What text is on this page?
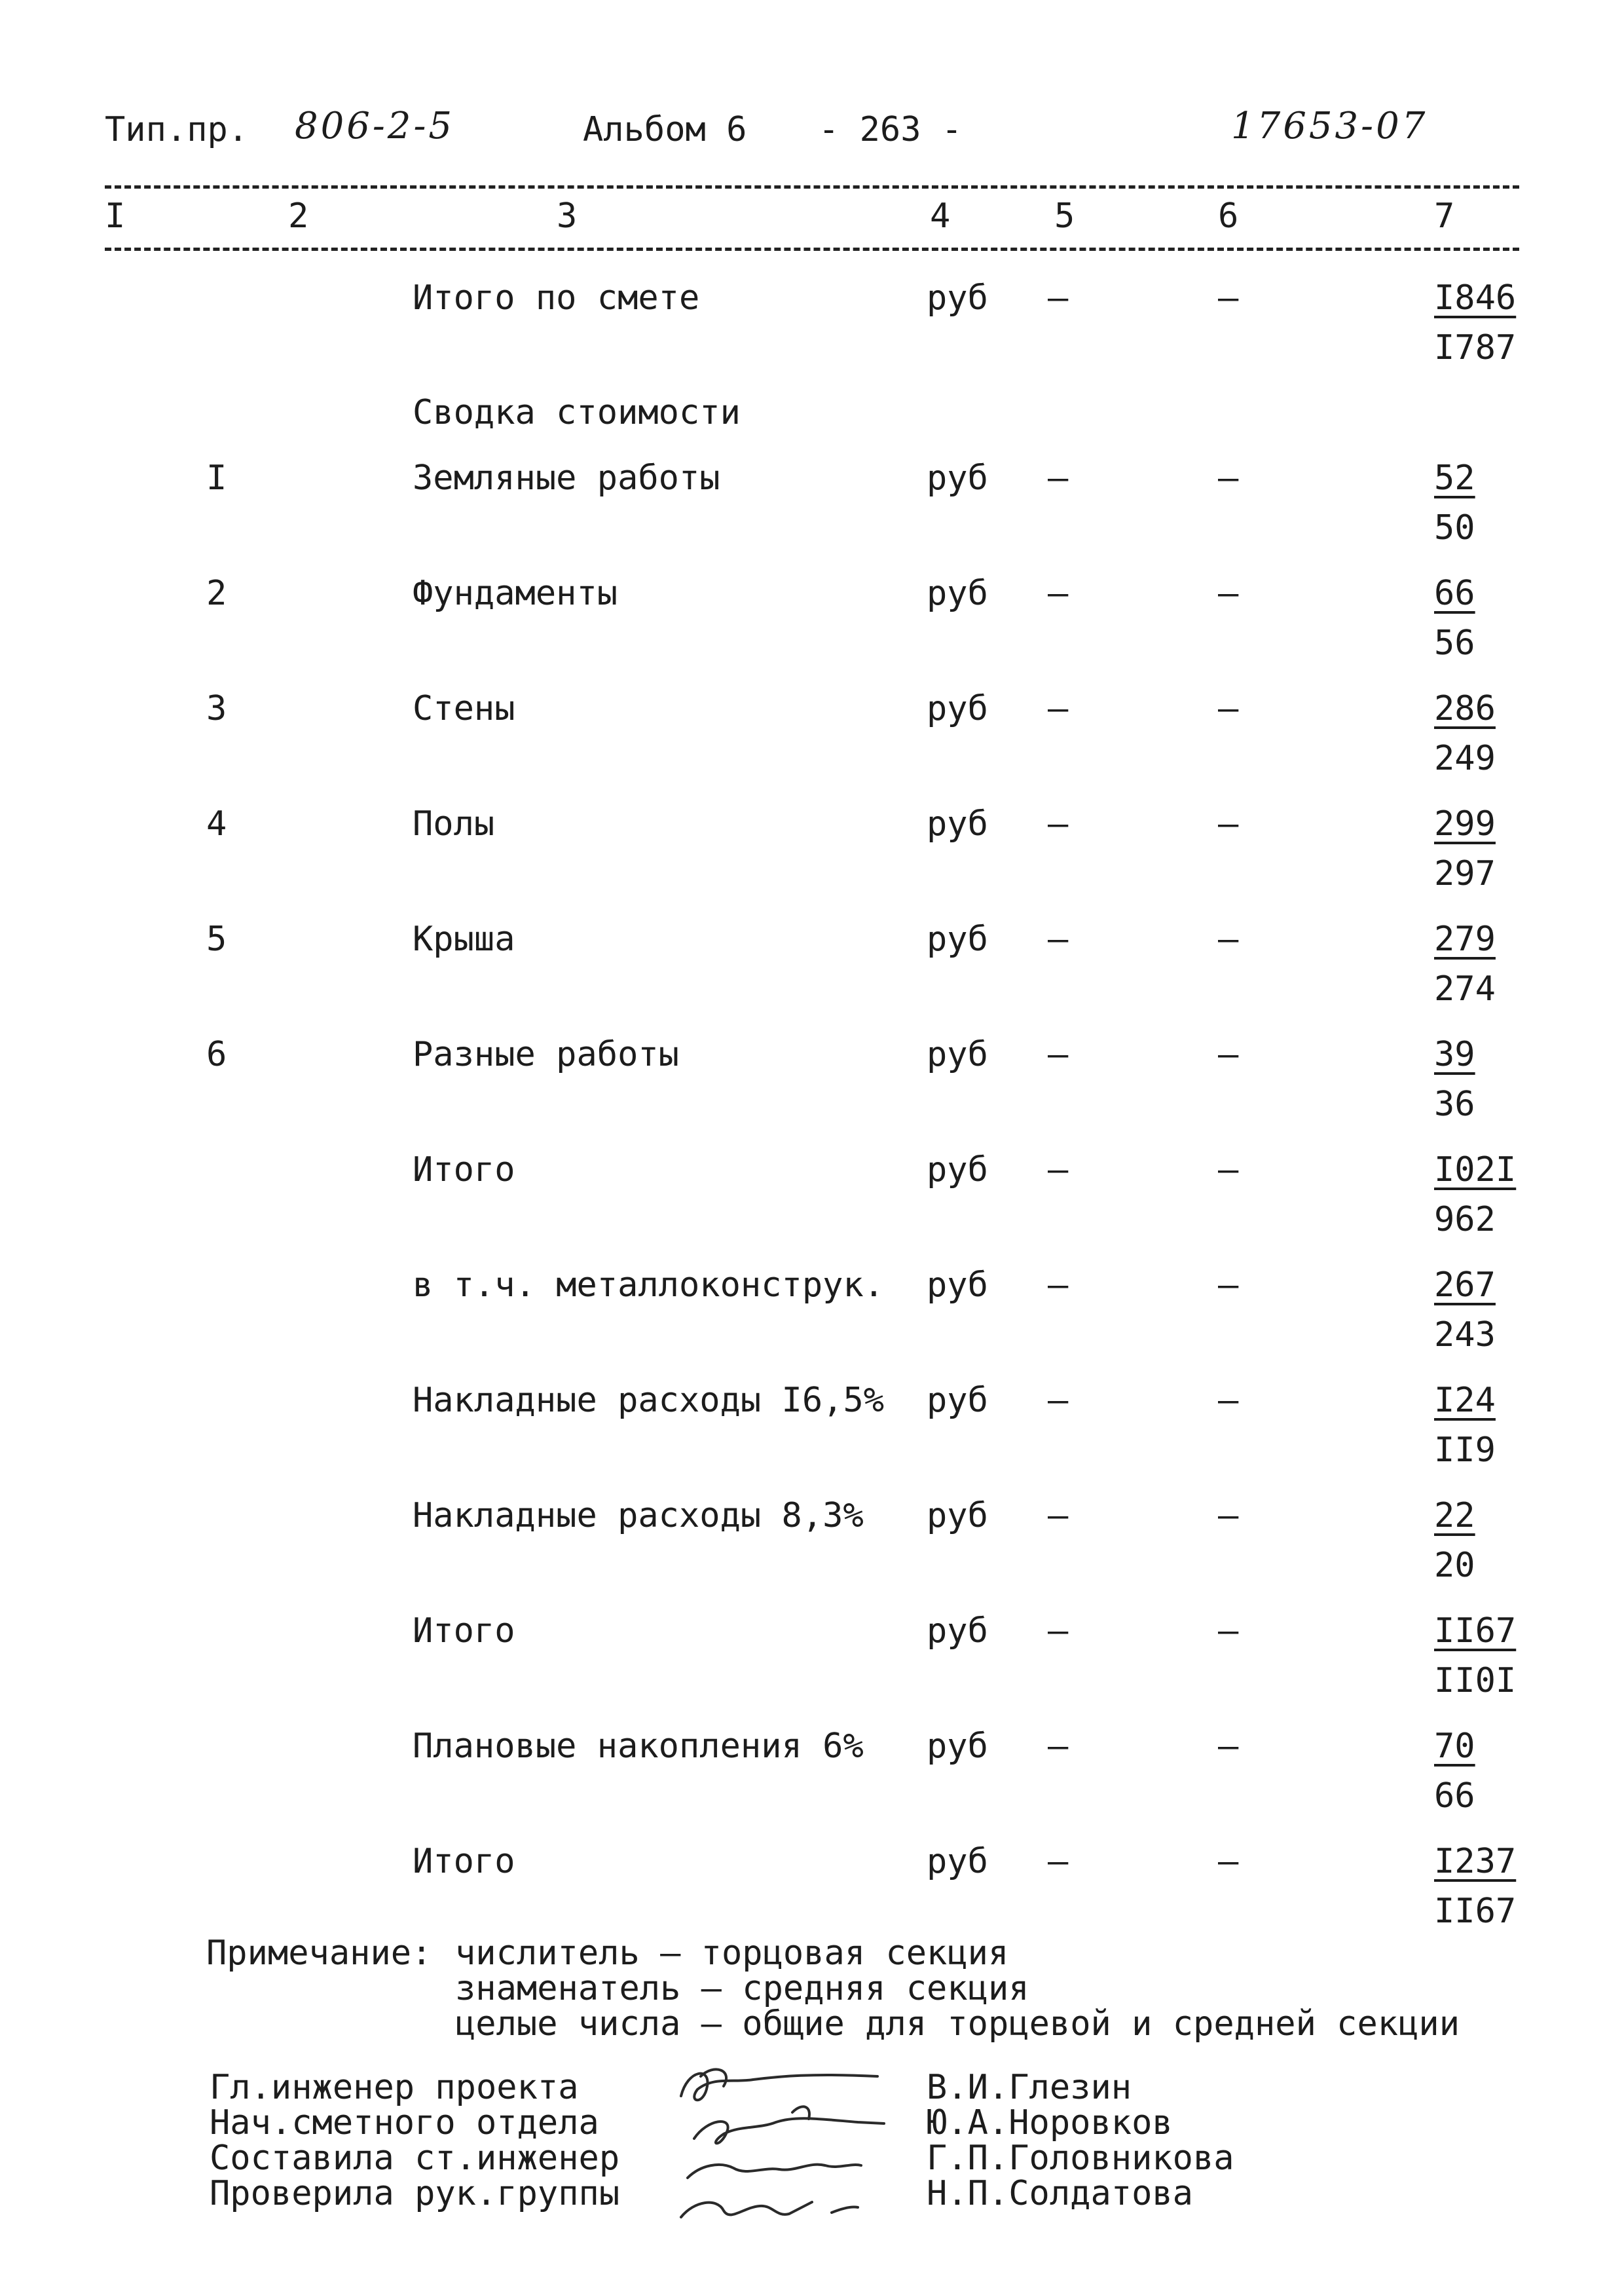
Тип.пр. 806-2-5	Альбом 6 - 263 -	17653-07
I	2	3	4	5	6	7
Итого по смете	руб –	–	I846
I787
Сводка стоимости
I	Земляные работы	руб –	–	52
50
2	Фундаменты	руб –	–	66
56
3	Стены	руб –	–	286
249
4	Полы	руб –	–	299
297
5	Крыша	руб –	–	279
274
6	Разные работы	руб –	–	39
36
Итого	руб –	–	I02I
962
в т.ч. металлоконструк. руб –	–	267
243
Накладные расходы I6,5% руб –	–	I24
II9
Накладные расходы 8,3% руб –	–	22
20
Итого	руб –	–	II67
II0I
Плановые накопления 6% руб –	–	70
66
Итого	руб –	–	I237
II67
Примечание: числитель – торцовая секция
знаменатель – средняя секция
целые числа – общие для торцевой и средней секции
Гл.инженер проекта
Нач.сметного отдела
Составила ст.инженер
Проверила рук.группы
В.И.Глезин
Ю.А.Норовков
Г.П.Головникова
Н.П.Солдатова
